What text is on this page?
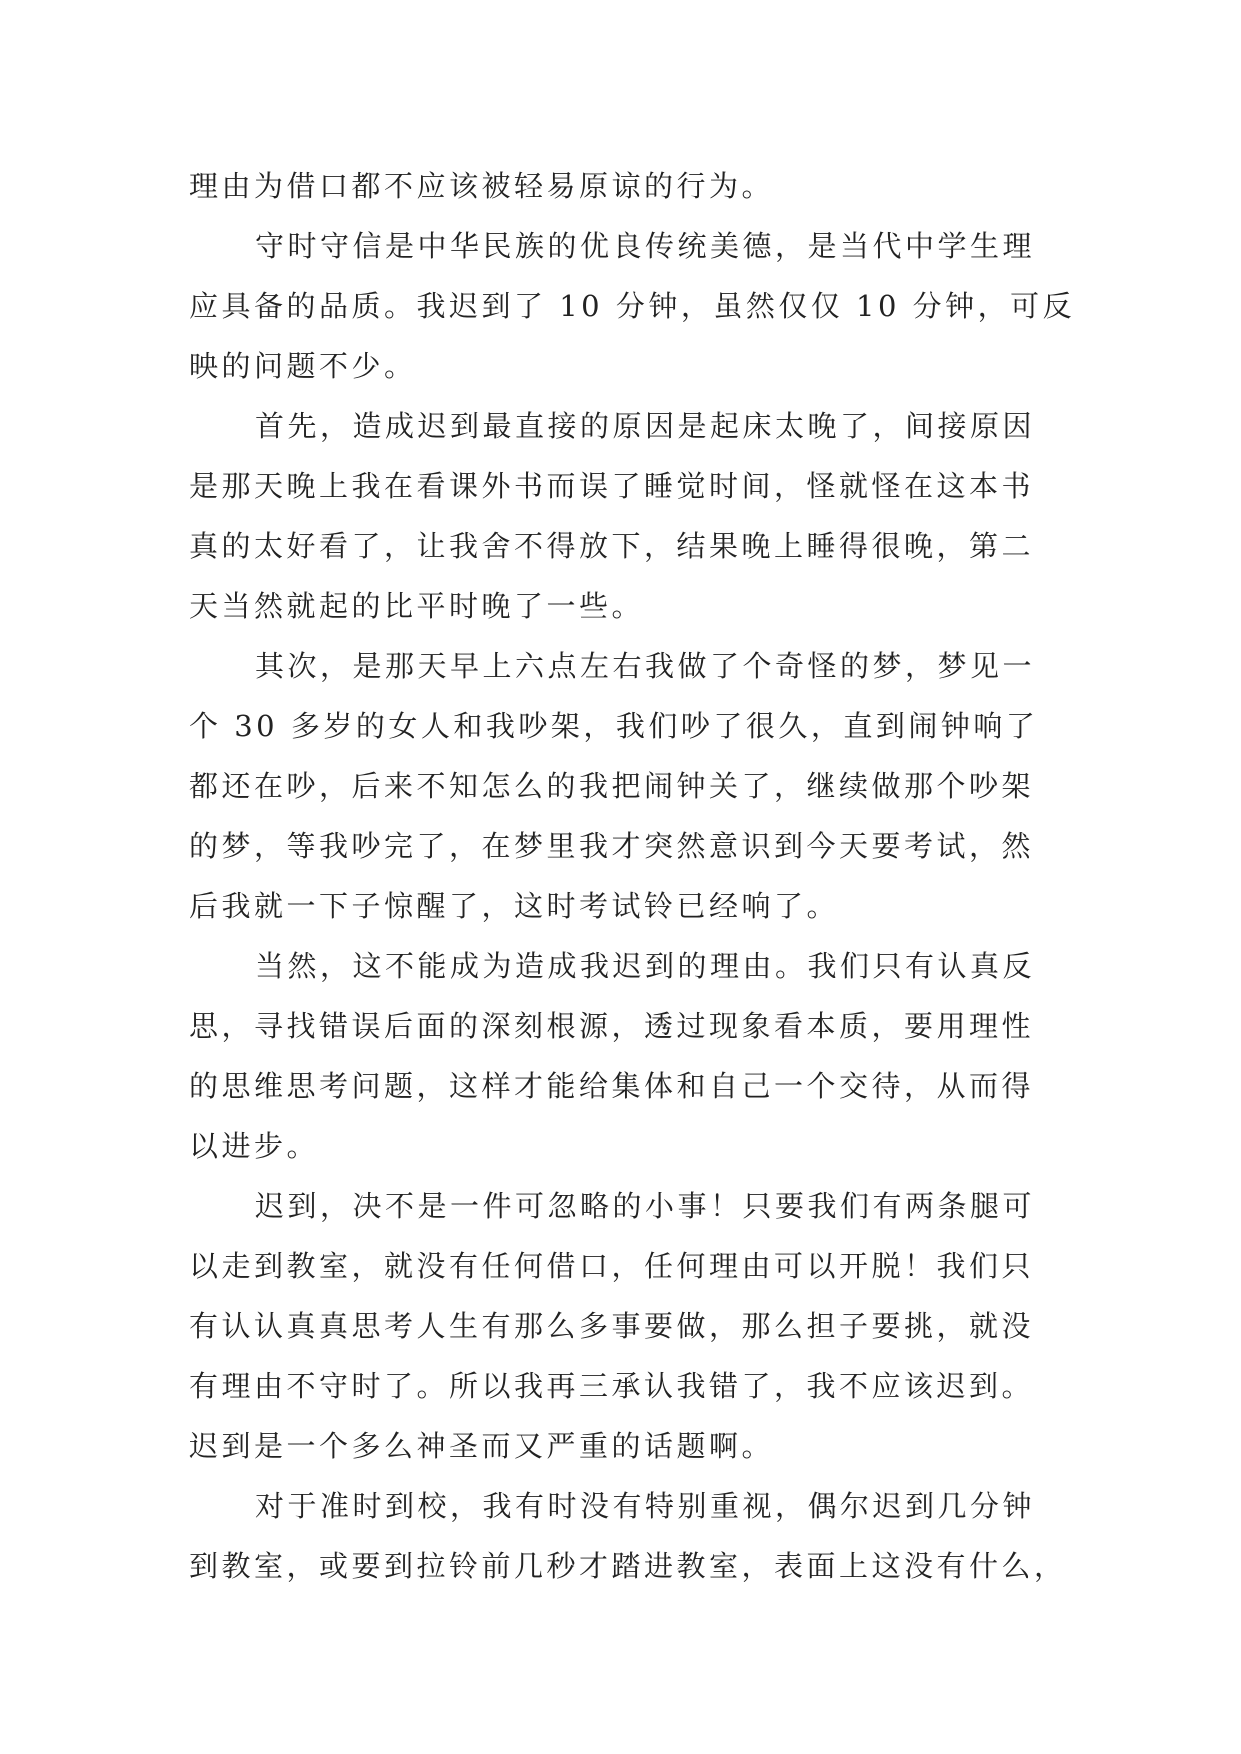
理由为借口都不应该被轻易原谅的行为。
守时守信是中华民族的优良传统美德，是当代中学生理
应具备的品质。我迟到了 10 分钟，虽然仅仅 10 分钟，可反
映的问题不少。
首先，造成迟到最直接的原因是起床太晚了，间接原因
是那天晚上我在看课外书而误了睡觉时间，怪就怪在这本书
真的太好看了，让我舍不得放下，结果晚上睡得很晚，第二
天当然就起的比平时晚了一些。
其次，是那天早上六点左右我做了个奇怪的梦，梦见一
个 30 多岁的女人和我吵架，我们吵了很久，直到闹钟响了
都还在吵，后来不知怎么的我把闹钟关了，继续做那个吵架
的梦，等我吵完了，在梦里我才突然意识到今天要考试，然
后我就一下子惊醒了，这时考试铃已经响了。
当然，这不能成为造成我迟到的理由。我们只有认真反
思，寻找错误后面的深刻根源，透过现象看本质，要用理性
的思维思考问题，这样才能给集体和自己一个交待，从而得
以进步。
迟到，决不是一件可忽略的小事！只要我们有两条腿可
以走到教室，就没有任何借口，任何理由可以开脱！我们只
有认认真真思考人生有那么多事要做，那么担子要挑，就没
有理由不守时了。所以我再三承认我错了，我不应该迟到。
迟到是一个多么神圣而又严重的话题啊。
对于准时到校，我有时没有特别重视，偶尔迟到几分钟
到教室，或要到拉铃前几秒才踏进教室，表面上这没有什么，
